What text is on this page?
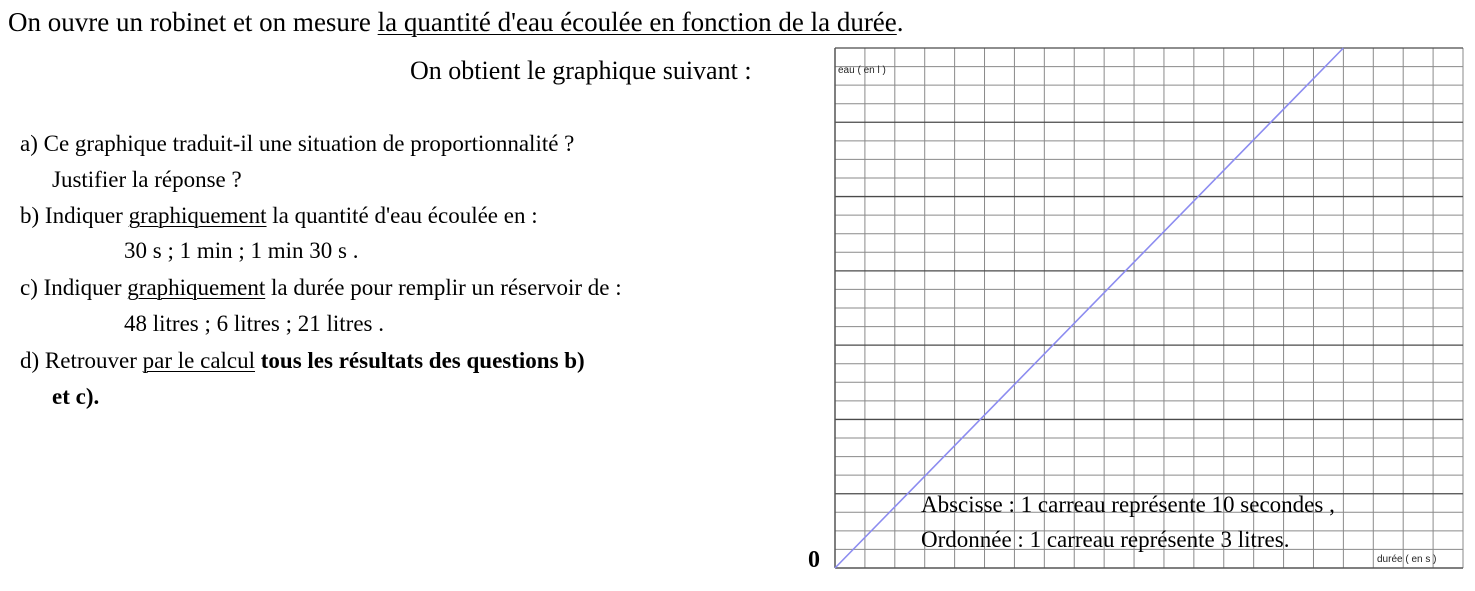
On ouvre un robinet et on mesure la quantité d'eau écoulée en fonction de la durée.
On obtient le graphique suivant :
a) Ce graphique traduit-il une situation de proportionnalité ?
Justifier la réponse ?
b) Indiquer graphiquement la quantité d'eau écoulée en :
30 s ; 1 min ; 1 min 30 s .
c) Indiquer graphiquement la durée pour remplir un réservoir de :
48 litres ; 6 litres ; 21 litres .
d) Retrouver par le calcul tous les résultats des questions b)
et c).
eau ( en l )
durée ( en s )
Abscisse : 1 carreau représente 10 secondes ,
Ordonnée : 1 carreau représente 3 litres.
0
